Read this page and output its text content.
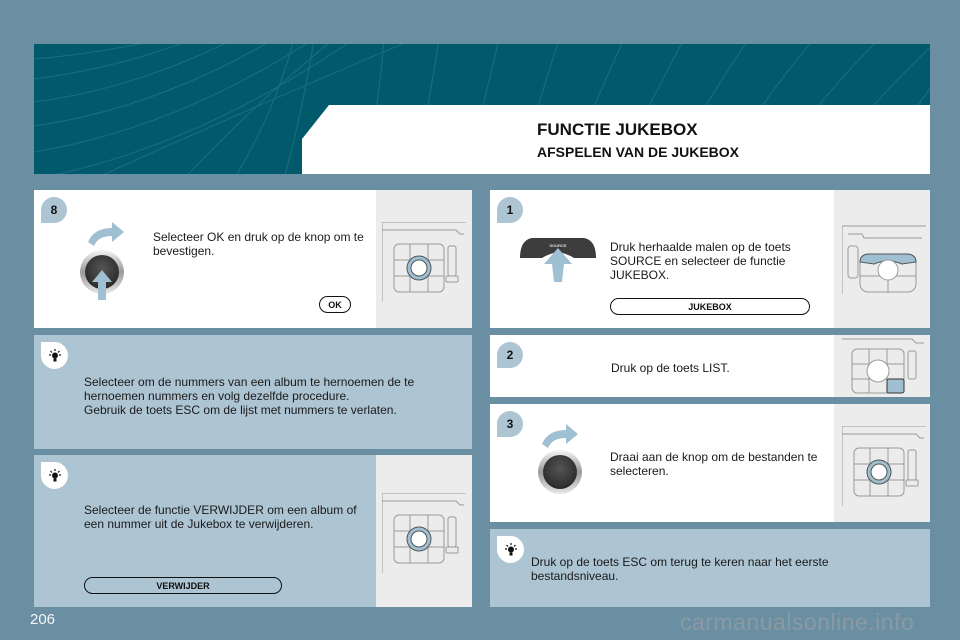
FUNCTIE JUKEBOX
AFSPELEN VAN DE JUKEBOX
8
Selecteer OK en druk op de knop om te bevestigen.
OK
Selecteer om de nummers van een album te hernoemen de te
hernoemen nummers en volg dezelfde procedure.
Gebruik de toets ESC om de lijst met nummers te verlaten.
Selecteer de functie VERWIJDER om een album of een nummer uit de Jukebox te verwijderen.
VERWIJDER
1
SOURCE	Druk herhaalde malen op de toets SOURCE en selecteer de functie JUKEBOX.
JUKEBOX
2
Druk op de toets LIST.
3
Draai aan de knop om de bestanden te selecteren.
Druk op de toets ESC om terug te keren naar het eerste bestandsniveau.
206	carmanualsonline.info
